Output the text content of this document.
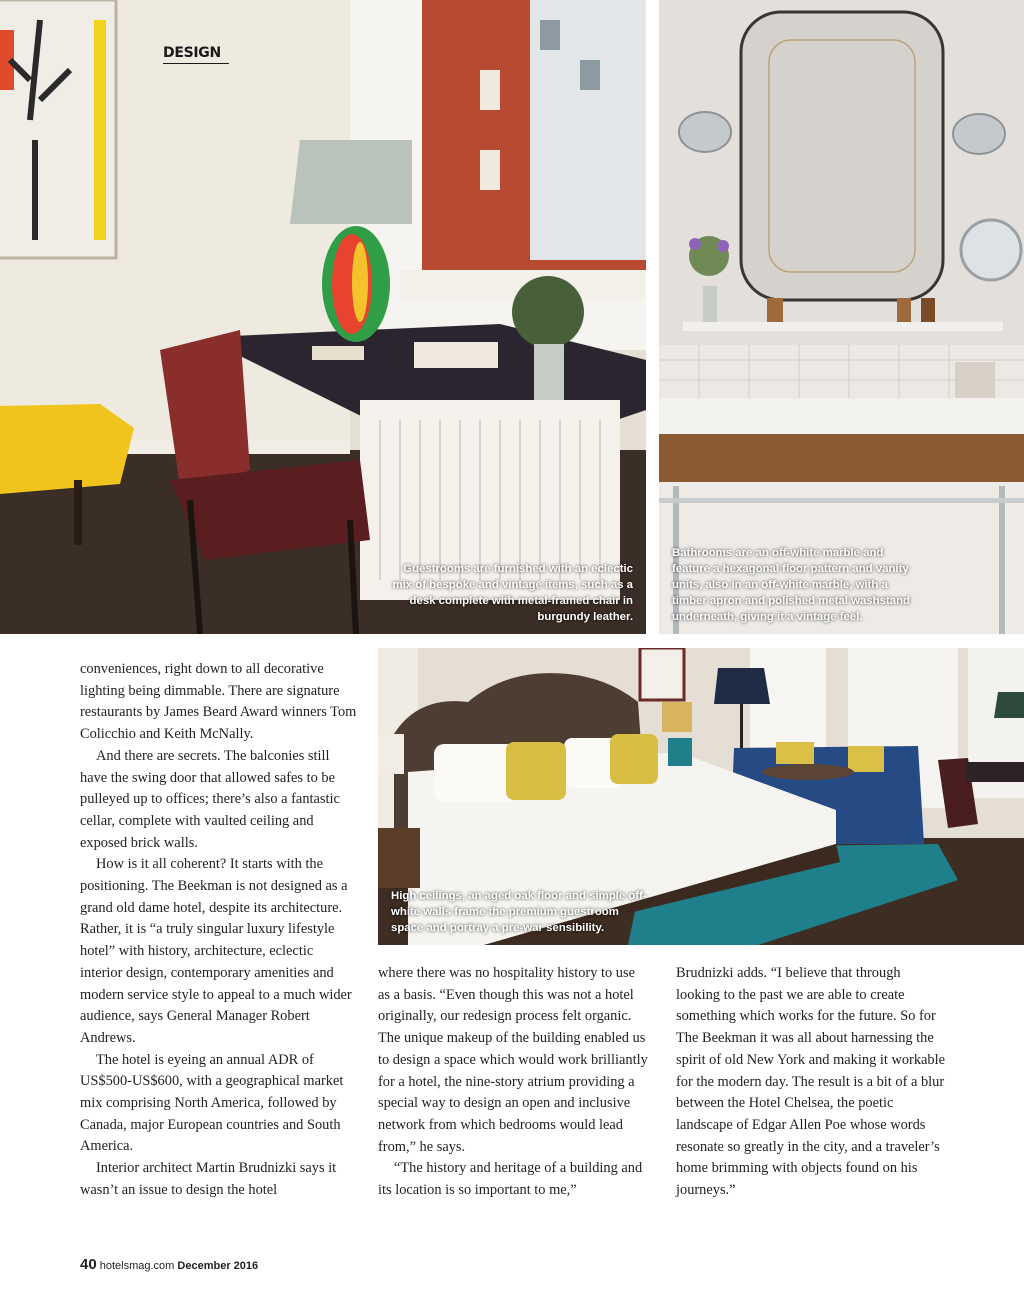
Guestrooms are furnished with an eclectic mix of bespoke and vintage items, such as a desk complete with metal-framed chair in burgundy leather.

DESIGN

Bathrooms are an off-white marble and feature a hexagonal floor pattern and vanity units, also in an off-white marble, with a timber apron and polished metal washstand underneath, giving it a vintage feel.

High ceilings, an aged oak floor and simple off-white walls frame the premium guestroom space and portray a pre-war sensibility.

conveniences, right down to all decorative lighting being dimmable. There are signature restaurants by James Beard Award winners Tom Colicchio and Keith McNally.

And there are secrets. The balconies still have the swing door that allowed safes to be pulleyed up to offices; there’s also a fantastic cellar, complete with vaulted ceiling and exposed brick walls.

How is it all coherent? It starts with the positioning. The Beekman is not designed as a grand old dame hotel, despite its architecture. Rather, it is “a truly singular luxury lifestyle hotel” with history, architecture, eclectic interior design, contemporary amenities and modern service style to appeal to a much wider audience, says General Manager Robert Andrews.

The hotel is eyeing an annual ADR of US$500-US$600, with a geographical market mix comprising North America, followed by Canada, major European countries and South America.

Interior architect Martin Brudnizki says it wasn’t an issue to design the hotel

where there was no hospitality history to use as a basis. “Even though this was not a hotel originally, our redesign process felt organic. The unique makeup of the building enabled us to design a space which would work brilliantly for a hotel, the nine-story atrium providing a special way to design an open and inclusive network from which bedrooms would lead from,” he says.

“The history and heritage of a building and its location is so important to me,”

Brudnizki adds. “I believe that through looking to the past we are able to create something which works for the future. So for The Beekman it was all about harnessing the spirit of old New York and making it workable for the modern day. The result is a bit of a blur between the Hotel Chelsea, the poetic landscape of Edgar Allen Poe whose words resonate so greatly in the city, and a traveler’s home brimming with objects found on his journeys.”

40 hotelsmag.com December 2016
